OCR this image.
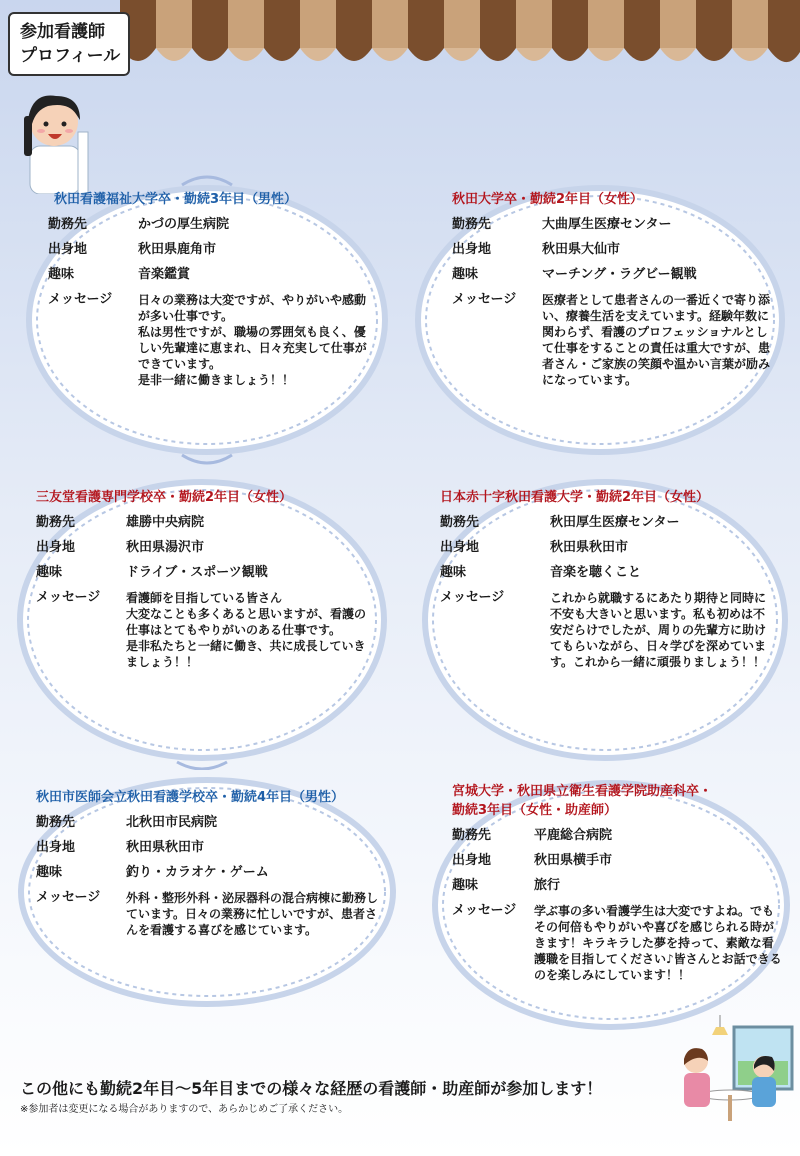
参加看護師
プロフィール
秋田看護福祉大学卒・勤続3年目（男性）
勤務先	かづの厚生病院
出身地	秋田県鹿角市
趣味	音楽鑑賞
メッセージ	日々の業務は大変ですが、やりがいや感動が多い仕事です。
私は男性ですが、職場の雰囲気も良く、優しい先輩達に恵まれ、日々充実して仕事ができています。
是非一緒に働きましょう！！
秋田大学卒・勤続2年目（女性）
勤務先	大曲厚生医療センター
出身地	秋田県大仙市
趣味	マーチング・ラグビー観戦
メッセージ	医療者として患者さんの一番近くで寄り添い、療養生活を支えています。経験年数に関わらず、看護のプロフェッショナルとして仕事をすることの責任は重大ですが、患者さん・ご家族の笑顔や温かい言葉が励みになっています。
三友堂看護専門学校卒・勤続2年目（女性）
勤務先	雄勝中央病院
出身地	秋田県湯沢市
趣味	ドライブ・スポーツ観戦
メッセージ	看護師を目指している皆さん
大変なことも多くあると思いますが、看護の仕事はとてもやりがいのある仕事です。
是非私たちと一緒に働き、共に成長していきましょう！！
日本赤十字秋田看護大学・勤続2年目（女性）
勤務先	秋田厚生医療センター
出身地	秋田県秋田市
趣味	音楽を聴くこと
メッセージ	これから就職するにあたり期待と同時に不安も大きいと思います。私も初めは不安だらけでしたが、周りの先輩方に助けてもらいながら、日々学びを深めています。これから一緒に頑張りましょう！！
秋田市医師会立秋田看護学校卒・勤続4年目（男性）
勤務先	北秋田市民病院
出身地	秋田県秋田市
趣味	釣り・カラオケ・ゲーム
メッセージ	外科・整形外科・泌尿器科の混合病棟に勤務しています。日々の業務に忙しいですが、患者さんを看護する喜びを感じています。
宮城大学・秋田県立衛生看護学院助産科卒・
勤続3年目（女性・助産師）
勤務先	平鹿総合病院
出身地	秋田県横手市
趣味	旅行
メッセージ	学ぶ事の多い看護学生は大変ですよね。でもその何倍もやりがいや喜びを感じられる時がきます！キラキラした夢を持って、素敵な看護職を目指してください♪皆さんとお話できるのを楽しみにしています！！
この他にも勤続2年目～5年目までの様々な経歴の看護師・助産師が参加します！
※参加者は変更になる場合がありますので、あらかじめご了承ください。
